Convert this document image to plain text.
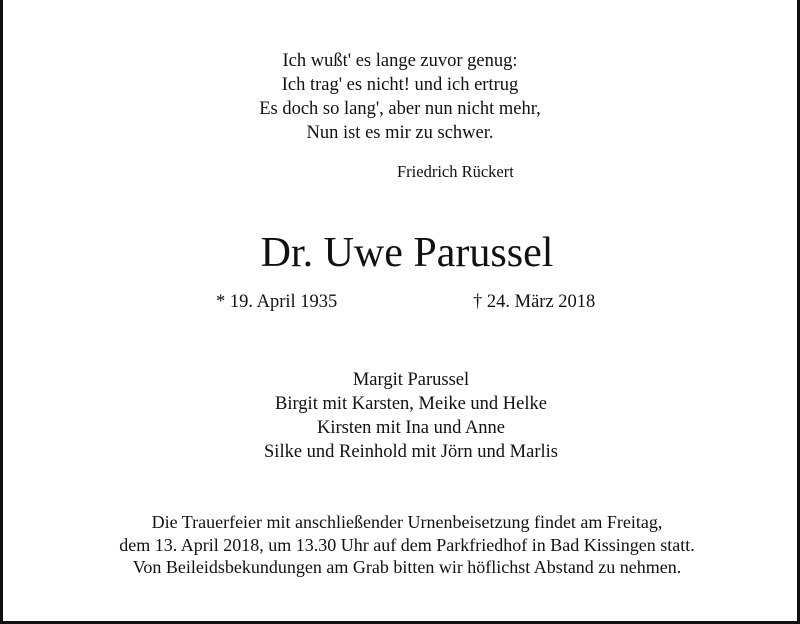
Ich wußt' es lange zuvor genug:
Ich trag' es nicht! und ich ertrug
Es doch so lang', aber nun nicht mehr,
Nun ist es mir zu schwer.
Friedrich Rückert
Dr. Uwe Parussel
* 19. April 1935	† 24. März 2018
Margit Parussel
Birgit mit Karsten, Meike und Helke
Kirsten mit Ina und Anne
Silke und Reinhold mit Jörn und Marlis
Die Trauerfeier mit anschließender Urnenbeisetzung findet am Freitag,
dem 13. April 2018, um 13.30 Uhr auf dem Parkfriedhof in Bad Kissingen statt.
Von Beileidsbekundungen am Grab bitten wir höflichst Abstand zu nehmen.
